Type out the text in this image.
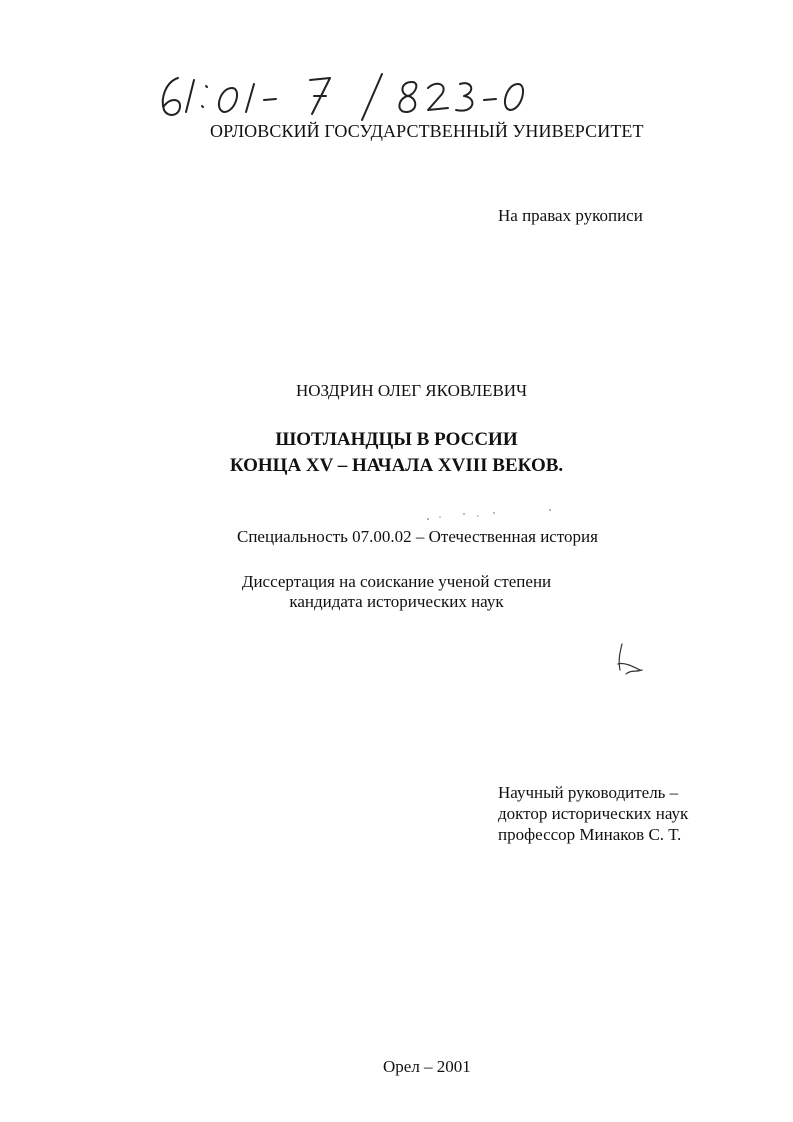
ОРЛОВСКИЙ ГОСУДАРСТВЕННЫЙ УНИВЕРСИТЕТ
На правах рукописи
НОЗДРИН ОЛЕГ ЯКОВЛЕВИЧ
ШОТЛАНДЦЫ В РОССИИ
КОНЦА XV – НАЧАЛА XVIII ВЕКОВ.
Специальность 07.00.02 – Отечественная история
Диссертация на соискание ученой степени
кандидата исторических наук
Научный руководитель –
доктор исторических наук
профессор Минаков С. Т.
Орел – 2001
